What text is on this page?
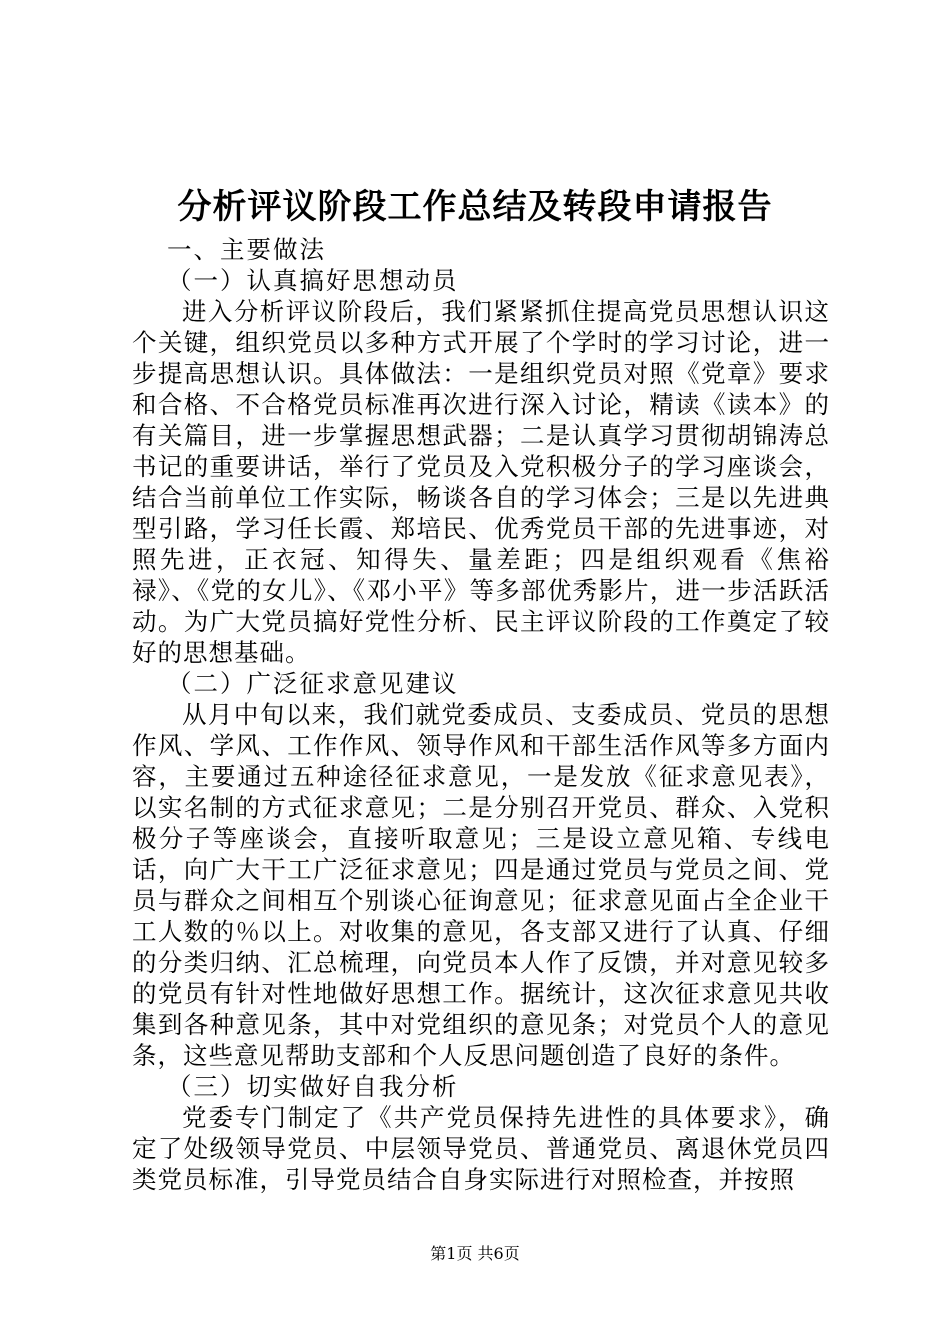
分析评议阶段工作总结及转段申请报告

一、主要做法

（一）认真搞好思想动员

进入分析评议阶段后，我们紧紧抓住提高党员思想认识这个关键，组织党员以多种方式开展了个学时的学习讨论，进一步提高思想认识。具体做法：一是组织党员对照《党章》要求和合格、不合格党员标准再次进行深入讨论，精读《读本》的有关篇目，进一步掌握思想武器；二是认真学习贯彻胡锦涛总书记的重要讲话，举行了党员及入党积极分子的学习座谈会，结合当前单位工作实际，畅谈各自的学习体会；三是以先进典型引路，学习任长霞、郑培民、优秀党员干部的先进事迹，对照先进，正衣冠、知得失、量差距；四是组织观看《焦裕禄》、《党的女儿》、《邓小平》等多部优秀影片，进一步活跃活动。为广大党员搞好党性分析、民主评议阶段的工作奠定了较好的思想基础。

（二）广泛征求意见建议

从月中旬以来，我们就党委成员、支委成员、党员的思想作风、学风、工作作风、领导作风和干部生活作风等多方面内容，主要通过五种途径征求意见，一是发放《征求意见表》，以实名制的方式征求意见；二是分别召开党员、群众、入党积极分子等座谈会，直接听取意见；三是设立意见箱、专线电话，向广大干工广泛征求意见；四是通过党员与党员之间、党员与群众之间相互个别谈心征询意见；征求意见面占全企业干工人数的％以上。对收集的意见，各支部又进行了认真、仔细的分类归纳、汇总梳理，向党员本人作了反馈，并对意见较多的党员有针对性地做好思想工作。据统计，这次征求意见共收集到各种意见条，其中对党组织的意见条；对党员个人的意见条，这些意见帮助支部和个人反思问题创造了良好的条件。

（三）切实做好自我分析

党委专门制定了《共产党员保持先进性的具体要求》，确定了处级领导党员、中层领导党员、普通党员、离退休党员四类党员标准，引导党员结合自身实际进行对照检查，并按照

第1页 共6页
